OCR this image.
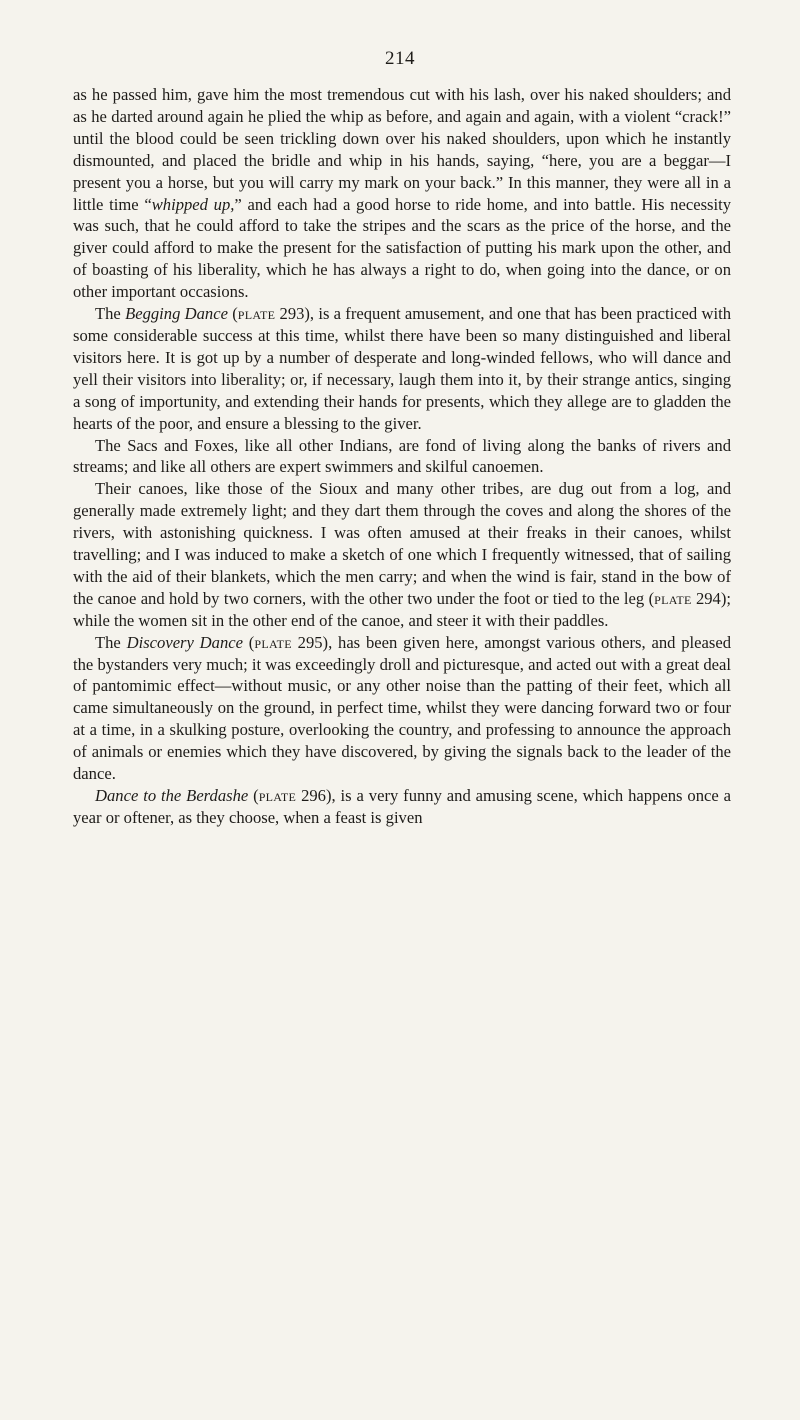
214

as he passed him, gave him the most tremendous cut with his lash, over his naked shoulders; and as he darted around again he plied the whip as before, and again and again, with a violent “crack!” until the blood could be seen trickling down over his naked shoulders, upon which he instantly dismounted, and placed the bridle and whip in his hands, saying, “here, you are a beggar—I present you a horse, but you will carry my mark on your back.” In this manner, they were all in a little time “whipped up,” and each had a good horse to ride home, and into battle. His necessity was such, that he could afford to take the stripes and the scars as the price of the horse, and the giver could afford to make the present for the satisfaction of putting his mark upon the other, and of boasting of his liberality, which he has always a right to do, when going into the dance, or on other important occasions.

The Begging Dance (plate 293), is a frequent amusement, and one that has been practiced with some considerable success at this time, whilst there have been so many distinguished and liberal visitors here. It is got up by a number of desperate and long-winded fellows, who will dance and yell their visitors into liberality; or, if necessary, laugh them into it, by their strange antics, singing a song of importunity, and extending their hands for presents, which they allege are to gladden the hearts of the poor, and ensure a blessing to the giver.

The Sacs and Foxes, like all other Indians, are fond of living along the banks of rivers and streams; and like all others are expert swimmers and skilful canoemen.

Their canoes, like those of the Sioux and many other tribes, are dug out from a log, and generally made extremely light; and they dart them through the coves and along the shores of the rivers, with astonishing quickness. I was often amused at their freaks in their canoes, whilst travelling; and I was induced to make a sketch of one which I frequently witnessed, that of sailing with the aid of their blankets, which the men carry; and when the wind is fair, stand in the bow of the canoe and hold by two corners, with the other two under the foot or tied to the leg (plate 294); while the women sit in the other end of the canoe, and steer it with their paddles.

The Discovery Dance (plate 295), has been given here, amongst various others, and pleased the bystanders very much; it was exceedingly droll and picturesque, and acted out with a great deal of pantomimic effect—without music, or any other noise than the patting of their feet, which all came simultaneously on the ground, in perfect time, whilst they were dancing forward two or four at a time, in a skulking posture, overlooking the country, and professing to announce the approach of animals or enemies which they have discovered, by giving the signals back to the leader of the dance.

Dance to the Berdashe (plate 296), is a very funny and amusing scene, which happens once a year or oftener, as they choose, when a feast is given
